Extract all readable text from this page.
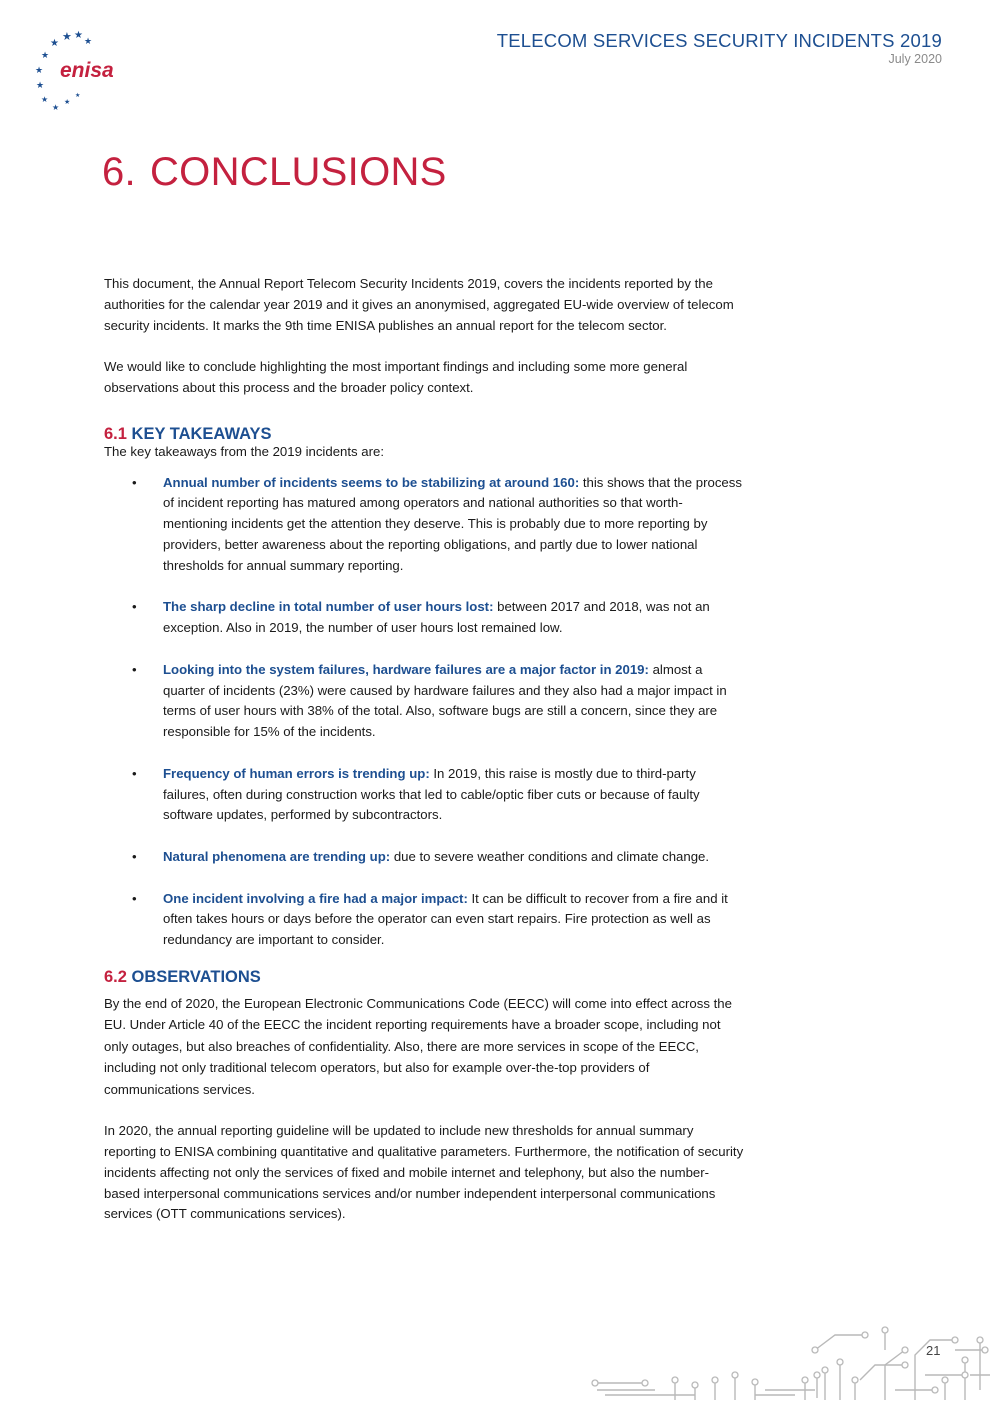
★ ★
★
★
★
★
★
★
★
★
★
enisa
TELECOM SERVICES SECURITY INCIDENTS 2019
July 2020
6. CONCLUSIONS

This document, the Annual Report Telecom Security Incidents 2019, covers the incidents reported by the authorities for the calendar year 2019 and it gives an anonymised, aggregated EU-wide overview of telecom security incidents. It marks the 9th time ENISA publishes an annual report for the telecom sector.

We would like to conclude highlighting the most important findings and including some more general observations about this process and the broader policy context.

6.1 KEY TAKEAWAYS

The key takeaways from the 2019 incidents are:

• Annual number of incidents seems to be stabilizing at around 160: this shows that the process of incident reporting has matured among operators and national authorities so that worth-mentioning incidents get the attention they deserve. This is probably due to more reporting by providers, better awareness about the reporting obligations, and partly due to lower national thresholds for annual summary reporting.
• The sharp decline in total number of user hours lost: between 2017 and 2018, was not an exception. Also in 2019, the number of user hours lost remained low.
• Looking into the system failures, hardware failures are a major factor in 2019: almost a quarter of incidents (23%) were caused by hardware failures and they also had a major impact in terms of user hours with 38% of the total. Also, software bugs are still a concern, since they are responsible for 15% of the incidents.
• Frequency of human errors is trending up: In 2019, this raise is mostly due to third-party failures, often during construction works that led to cable/optic fiber cuts or because of faulty software updates, performed by subcontractors.
• Natural phenomena are trending up: due to severe weather conditions and climate change.
• One incident involving a fire had a major impact: It can be difficult to recover from a fire and it often takes hours or days before the operator can even start repairs. Fire protection as well as redundancy are important to consider.
6.2 OBSERVATIONS

By the end of 2020, the European Electronic Communications Code (EECC) will come into effect across the EU. Under Article 40 of the EECC the incident reporting requirements have a broader scope, including not only outages, but also breaches of confidentiality. Also, there are more services in scope of the EECC, including not only traditional telecom operators, but also for example over-the-top providers of communications services.

In 2020, the annual reporting guideline will be updated to include new thresholds for annual summary reporting to ENISA combining quantitative and qualitative parameters. Furthermore, the notification of security incidents affecting not only the services of fixed and mobile internet and telephony, but also the number-based interpersonal communications services and/or number independent interpersonal communications services (OTT communications services).

21
